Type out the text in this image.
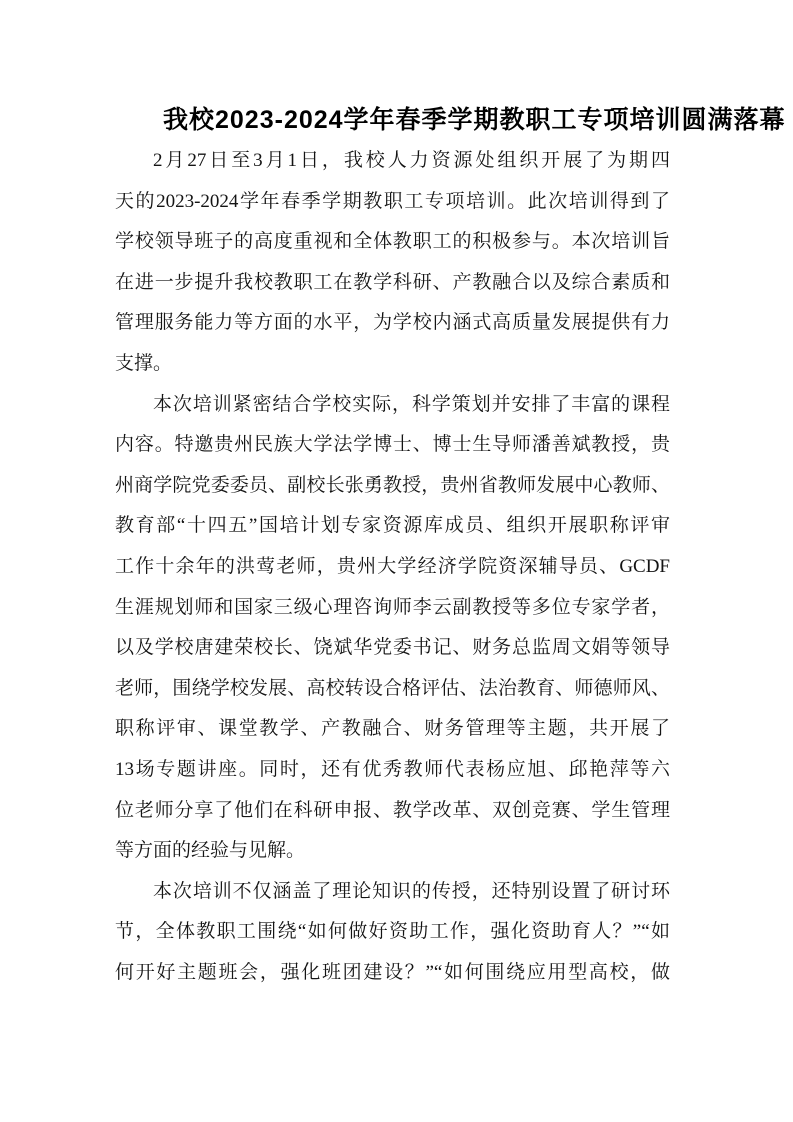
我校2023-2024学年春季学期教职工专项培训圆满落幕
2月27日至3月1日，我校人力资源处组织开展了为期四
天的2023-2024学年春季学期教职工专项培训。此次培训得到了
学校领导班子的高度重视和全体教职工的积极参与。本次培训旨
在进一步提升我校教职工在教学科研、产教融合以及综合素质和
管理服务能力等方面的水平，为学校内涵式高质量发展提供有力
支撑。
本次培训紧密结合学校实际，科学策划并安排了丰富的课程
内容。特邀贵州民族大学法学博士、博士生导师潘善斌教授，贵
州商学院党委委员、副校长张勇教授，贵州省教师发展中心教师、
教育部“十四五”国培计划专家资源库成员、组织开展职称评审
工作十余年的洪莺老师，贵州大学经济学院资深辅导员、GCDF
生涯规划师和国家三级心理咨询师李云副教授等多位专家学者，
以及学校唐建荣校长、饶斌华党委书记、财务总监周文娟等领导
老师，围绕学校发展、高校转设合格评估、法治教育、师德师风、
职称评审、课堂教学、产教融合、财务管理等主题，共开展了
13场专题讲座。同时，还有优秀教师代表杨应旭、邱艳萍等六
位老师分享了他们在科研申报、教学改革、双创竞赛、学生管理
等方面的经验与见解。
本次培训不仅涵盖了理论知识的传授，还特别设置了研讨环
节，全体教职工围绕“如何做好资助工作，强化资助育人？”“如
何开好主题班会，强化班团建设？”“如何围绕应用型高校，做
